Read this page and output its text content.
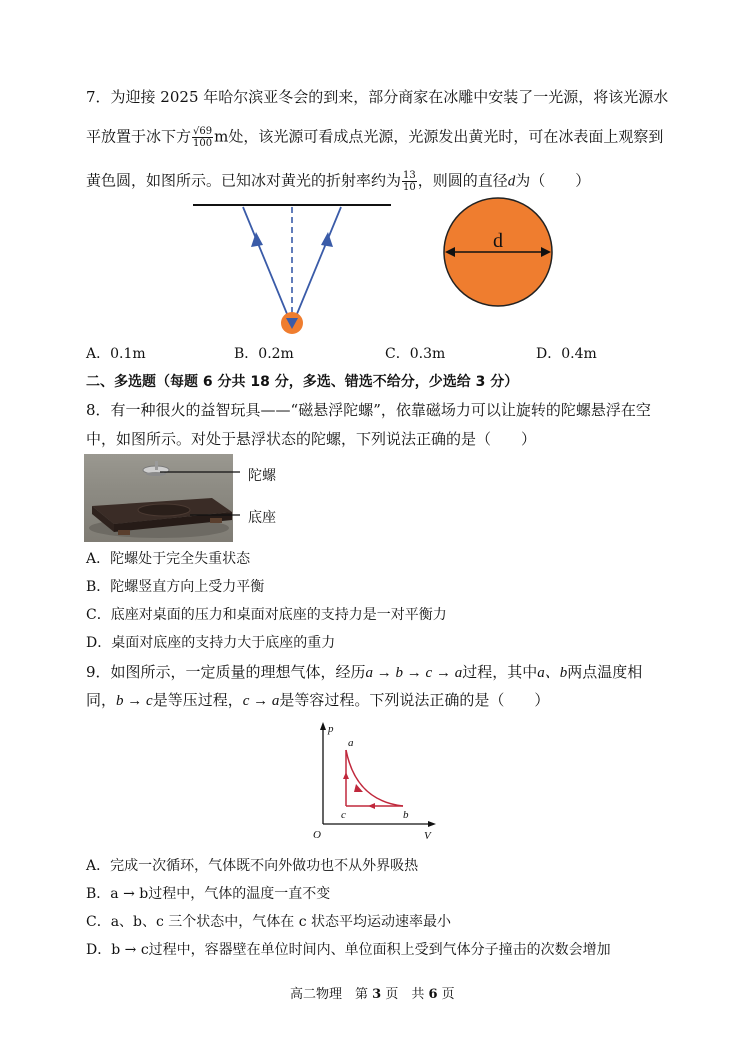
7．为迎接 2025 年哈尔滨亚冬会的到来，部分商家在冰雕中安装了一光源，将该光源水
平放置于冰下方 $\frac{√69}{100}$ m处，该光源可看成点光源，光源发出黄光时，可在冰表面上观察到
黄色圆，如图所示。已知冰对黄光的折射率约为 $\frac{13}{10}$ ，则圆的直径d为（　　）
d
A．0.1m	B．0.2m	C．0.3m	D．0.4m
二、多选题（每题 6 分共 18 分，多选、错选不给分，少选给 3 分）
8．有一种很火的益智玩具——“磁悬浮陀螺”，依靠磁场力可以让旋转的陀螺悬浮在空
中，如图所示。对处于悬浮状态的陀螺，下列说法正确的是（　　）
陀螺
底座
A．陀螺处于完全失重状态
B．陀螺竖直方向上受力平衡
C．底座对桌面的压力和桌面对底座的支持力是一对平衡力
D．桌面对底座的支持力大于底座的重力
9．如图所示，一定质量的理想气体，经历a → b → c → a过程，其中a、b两点温度相
同，b → c是等压过程，c → a是等容过程。下列说法正确的是（　　）
p
V
O
a
b
c
A．完成一次循环，气体既不向外做功也不从外界吸热
B．a → b过程中，气体的温度一直不变
C．a、b、c 三个状态中，气体在 c 状态平均运动速率最小
D．b → c过程中，容器壁在单位时间内、单位面积上受到气体分子撞击的次数会增加
高二物理　第 3 页　共 6 页
